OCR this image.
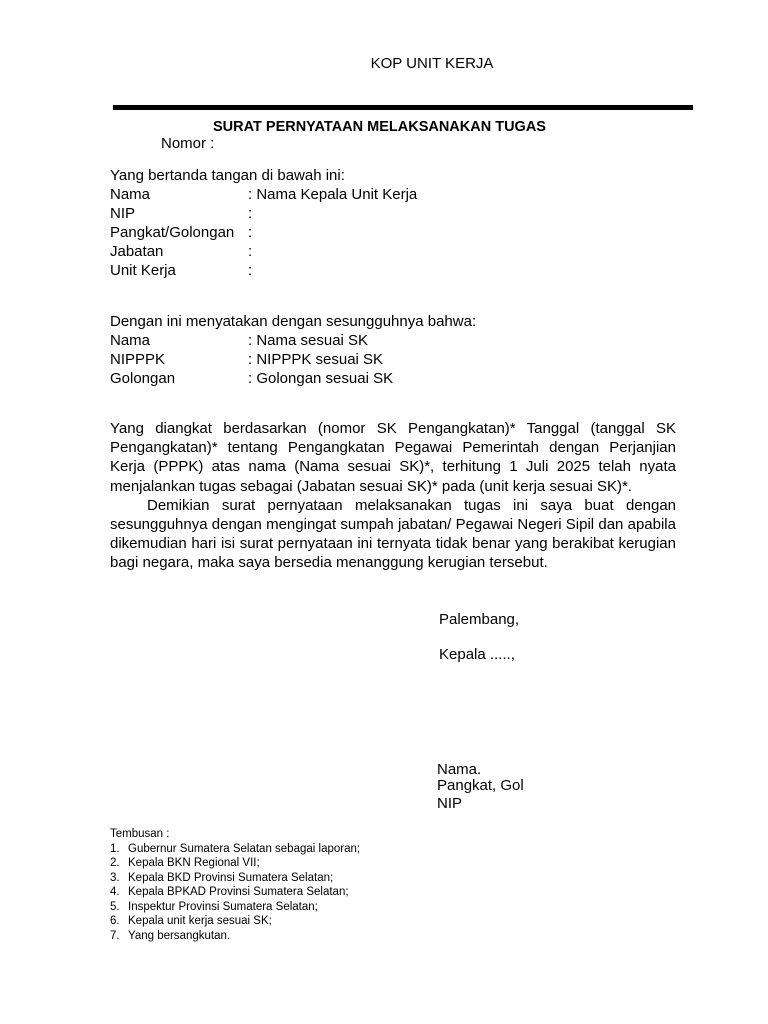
KOP UNIT KERJA
SURAT PERNYATAAN MELAKSANAKAN TUGAS
Nomor :
Yang bertanda tangan di bawah ini:
Nama	: Nama Kepala Unit Kerja
NIP	:
Pangkat/Golongan :
Jabatan	:
Unit Kerja	:
Dengan ini menyatakan dengan sesungguhnya bahwa:
Nama	: Nama sesuai SK
NIPPPK	: NIPPPK sesuai SK
Golongan	: Golongan sesuai SK

Yang diangkat berdasarkan (nomor SK Pengangkatan)* Tanggal (tanggal SK Pengangkatan)* tentang Pengangkatan Pegawai Pemerintah dengan Perjanjian Kerja (PPPK) atas nama (Nama sesuai SK)*, terhitung 1 Juli 2025 telah nyata menjalankan tugas sebagai (Jabatan sesuai SK)* pada (unit kerja sesuai SK)*.

Demikian surat pernyataan melaksanakan tugas ini saya buat dengan sesungguhnya dengan mengingat sumpah jabatan/ Pegawai Negeri Sipil dan apabila dikemudian hari isi surat pernyataan ini ternyata tidak benar yang berakibat kerugian bagi negara, maka saya bersedia menanggung kerugian tersebut.

Palembang,
Kepala .....,
Nama.
Pangkat, Gol
NIP
Tembusan :
1. Gubernur Sumatera Selatan sebagai laporan;
2. Kepala BKN Regional VII;
3. Kepala BKD Provinsi Sumatera Selatan;
4. Kepala BPKAD Provinsi Sumatera Selatan;
5. Inspektur Provinsi Sumatera Selatan;
6. Kepala unit kerja sesuai SK;
7. Yang bersangkutan.
